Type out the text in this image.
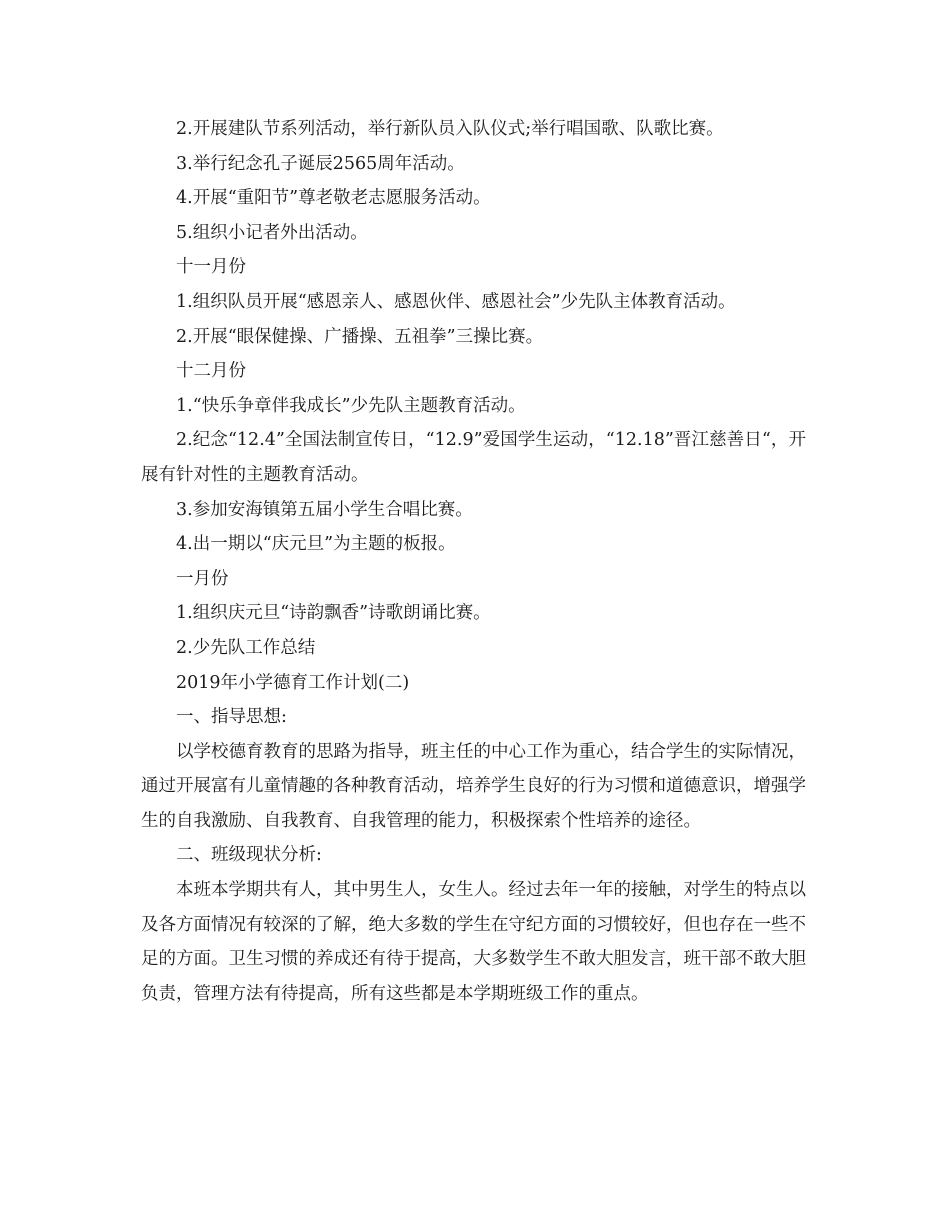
2.开展建队节系列活动，举行新队员入队仪式;举行唱国歌、队歌比赛。

3.举行纪念孔子诞辰2565周年活动。

4.开展“重阳节”尊老敬老志愿服务活动。

5.组织小记者外出活动。

十一月份

1.组织队员开展“感恩亲人、感恩伙伴、感恩社会”少先队主体教育活动。

2.开展“眼保健操、广播操、五祖拳”三操比赛。

十二月份

1.“快乐争章伴我成长”少先队主题教育活动。

2.纪念“12.4”全国法制宣传日，“12.9”爱国学生运动，“12.18”晋江慈善日“，开展有针对性的主题教育活动。

3.参加安海镇第五届小学生合唱比赛。

4.出一期以“庆元旦”为主题的板报。

一月份

1.组织庆元旦“诗韵飘香”诗歌朗诵比赛。

2.少先队工作总结

2019年小学德育工作计划(二)

一、指导思想:

以学校德育教育的思路为指导，班主任的中心工作为重心，结合学生的实际情况，通过开展富有儿童情趣的各种教育活动，培养学生良好的行为习惯和道德意识，增强学生的自我激励、自我教育、自我管理的能力，积极探索个性培养的途径。

二、班级现状分析:

本班本学期共有人，其中男生人，女生人。经过去年一年的接触，对学生的特点以及各方面情况有较深的了解，绝大多数的学生在守纪方面的习惯较好，但也存在一些不足的方面。卫生习惯的养成还有待于提高，大多数学生不敢大胆发言，班干部不敢大胆负责，管理方法有待提高，所有这些都是本学期班级工作的重点。
